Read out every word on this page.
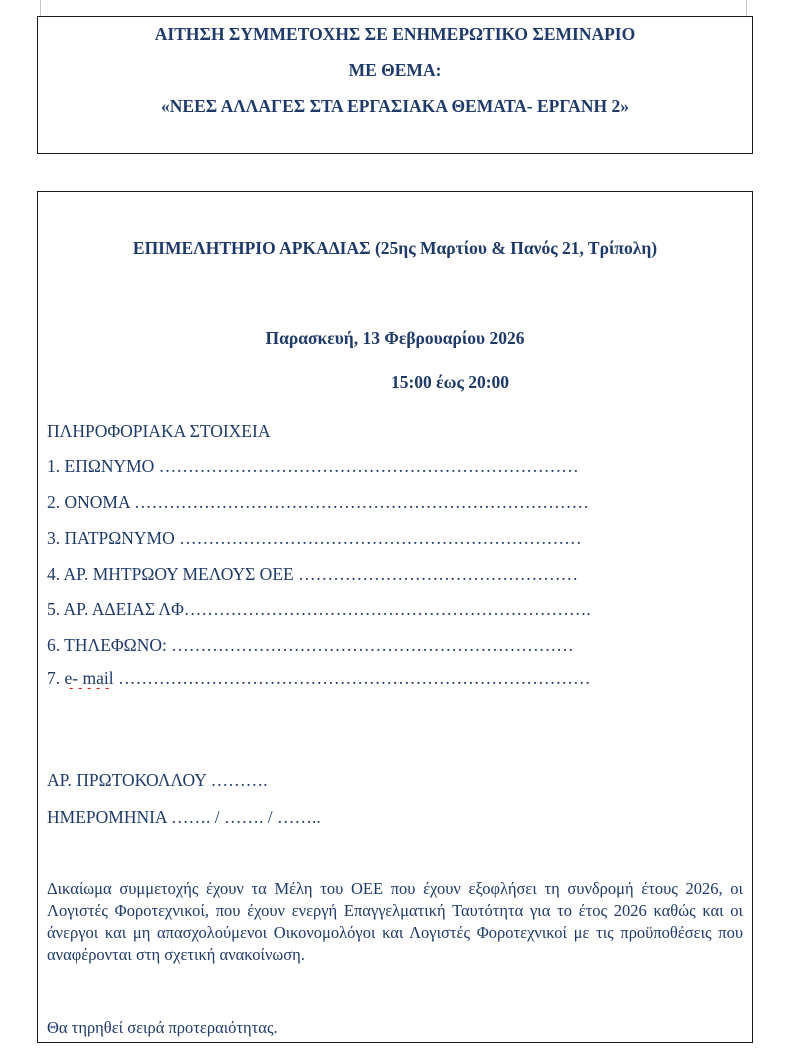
ΑΙΤΗΣΗ ΣΥΜΜΕΤΟΧΗΣ ΣΕ ΕΝΗΜΕΡΩΤΙΚΟ ΣΕΜΙΝΑΡΙΟ
ΜΕ ΘΕΜΑ:
«ΝΕΕΣ ΑΛΛΑΓΕΣ ΣΤΑ ΕΡΓΑΣΙΑΚΑ ΘΕΜΑΤΑ- ΕΡΓΑΝΗ 2»
ΕΠΙΜΕΛΗΤΗΡΙΟ ΑΡΚΑΔΙΑΣ (25ης Μαρτίου & Πανός 21, Τρίπολη)
Παρασκευή, 13 Φεβρουαρίου 2026
15:00 έως 20:00
ΠΛΗΡΟΦΟΡΙΑΚΑ ΣΤΟΙΧΕΙΑ
1. ΕΠΩΝΥΜΟ ………………………………………………………………
2. ΟΝΟΜΑ ……………………………………………………………………
3. ΠΑΤΡΩΝΥΜΟ ……………………………………………………………
4. ΑΡ. ΜΗΤΡΩΟΥ ΜΕΛΟΥΣ ΟΕΕ …………………………………………
5. ΑΡ. ΑΔΕΙΑΣ ΛΦ…………………………………………………………….
6. ΤΗΛΕΦΩΝΟ: ……………………………………………………………
7. e- mail ………………………………………………………………………
ΑΡ. ΠΡΩΤΟΚΟΛΛΟΥ ……….
ΗΜΕΡΟΜΗΝΙΑ ……. / ……. / ……..
Δικαίωμα συμμετοχής έχουν τα Μέλη του ΟΕΕ που έχουν εξοφλήσει τη συνδρομή έτους 2026, οι Λογιστές Φοροτεχνικοί, που έχουν ενεργή Επαγγελματική Ταυτότητα για το έτος 2026 καθώς και οι άνεργοι και μη απασχολούμενοι Οικονομολόγοι και Λογιστές Φοροτεχνικοί με τις προϋποθέσεις που αναφέρονται στη σχετική ανακοίνωση.
Θα τηρηθεί σειρά προτεραιότητας.
